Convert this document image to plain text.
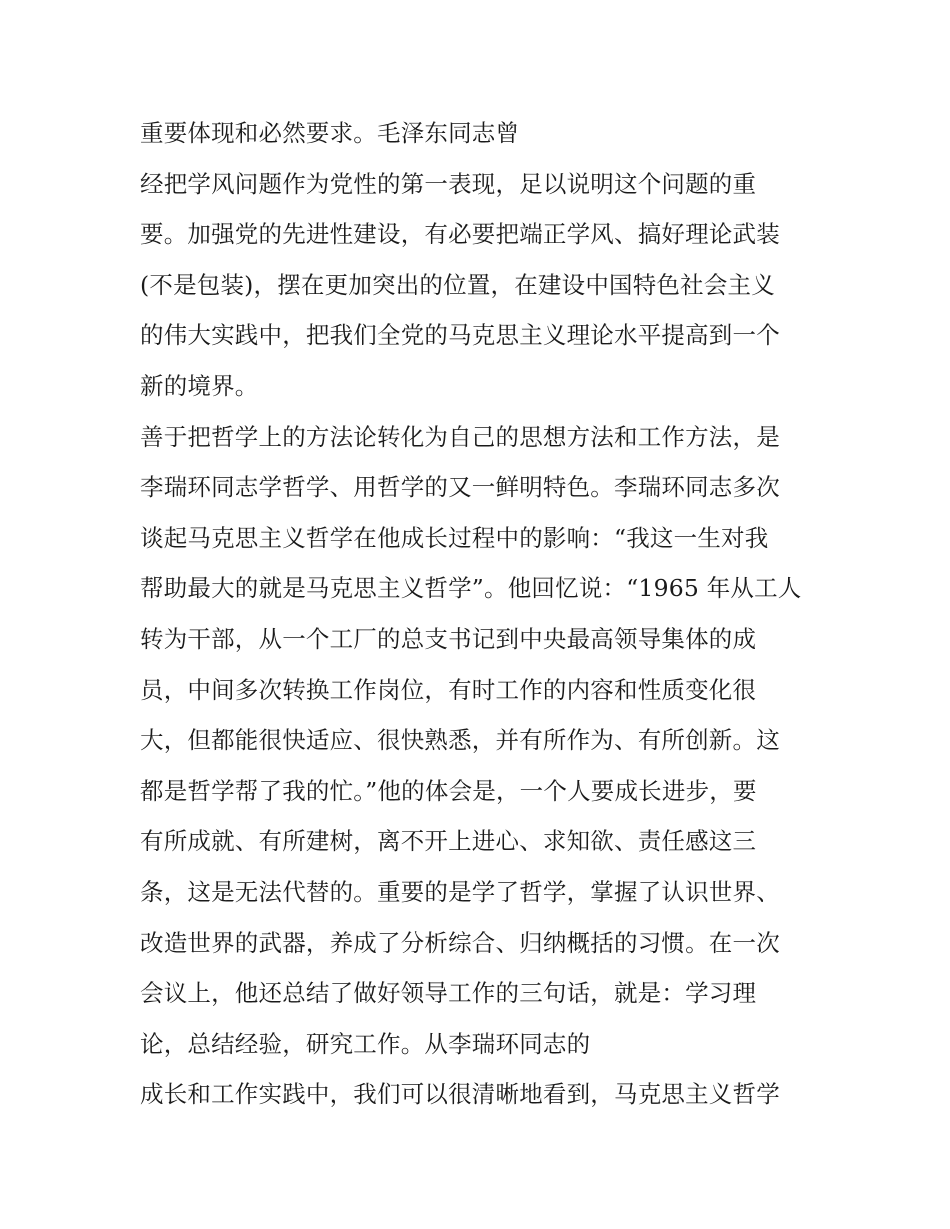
重要体现和必然要求。毛泽东同志曾
经把学风问题作为党性的第一表现，足以说明这个问题的重
要。加强党的先进性建设，有必要把端正学风、搞好理论武装
(不是包装)，摆在更加突出的位置，在建设中国特色社会主义
的伟大实践中，把我们全党的马克思主义理论水平提高到一个
新的境界。
善于把哲学上的方法论转化为自己的思想方法和工作方法，是
李瑞环同志学哲学、用哲学的又一鲜明特色。李瑞环同志多次
谈起马克思主义哲学在他成长过程中的影响：“我这一生对我
帮助最大的就是马克思主义哲学”。他回忆说：“1965 年从工人
转为干部，从一个工厂的总支书记到中央最高领导集体的成
员，中间多次转换工作岗位，有时工作的内容和性质变化很
大，但都能很快适应、很快熟悉，并有所作为、有所创新。这
都是哲学帮了我的忙。”他的体会是，一个人要成长进步，要
有所成就、有所建树，离不开上进心、求知欲、责任感这三
条，这是无法代替的。重要的是学了哲学，掌握了认识世界、
改造世界的武器，养成了分析综合、归纳概括的习惯。在一次
会议上，他还总结了做好领导工作的三句话，就是：学习理
论，总结经验，研究工作。从李瑞环同志的
成长和工作实践中，我们可以很清晰地看到，马克思主义哲学
